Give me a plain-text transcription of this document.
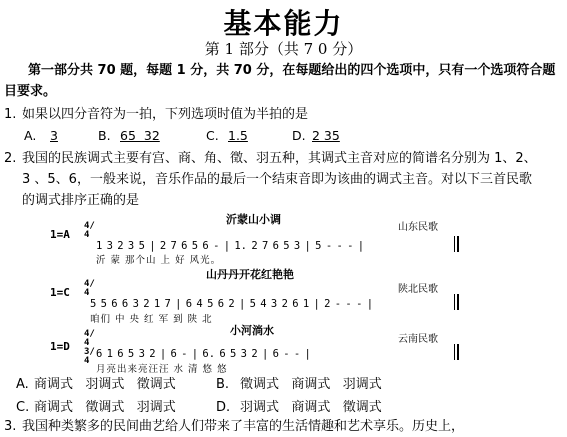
基本能力
第 1 部分（共 7 0 分）
第一部分共 70 题，每题 1 分，共 70 分，在每题给出的四个选项中，只有一个选项符合题目要求。
1. 如果以四分音符为一拍，下列选项时值为半拍的是
A. 3	B. 65 32	C. 1.5	D. 2 35
2. 我国的民族调式主要有宫、商、角、徵、羽五种，其调式主音对应的简谱名分别为 1、2、
3 、5、6，一般来说，音乐作品的最后一个结束音即为该曲的调式主音。对以下三首民歌
的调式排序正确的是
沂蒙山小调
山东民歌
1=A
4/4
1 3 2 3 5 | 2 7 6 5 6 - | 1. 2 7 6 5 3 | 5 - - - |
沂 蒙 那个山 上 好 风光。
山丹丹开花红艳艳
陕北民歌
1=C
4/4
5 5 6 6 3 2 1 7 | 6 4 5 6 2 | 5 4 3 2 6 1 | 2 - - - |
咱们 中 央 红 军 到 陕 北
小河淌水
云南民歌
1=D
4/4 3/4
6 1 6 5 3 2 | 6 - | 6. 6 5 3 2 | 6 - - |
月亮出来亮汪汪 水 清 悠 悠
A. 商调式   羽调式   徵调式	B. 徵调式   商调式   羽调式
C. 商调式   徵调式   羽调式	D. 羽调式   商调式   徵调式
3. 我国种类繁多的民间曲艺给人们带来了丰富的生活情趣和艺术享乐。历史上，
